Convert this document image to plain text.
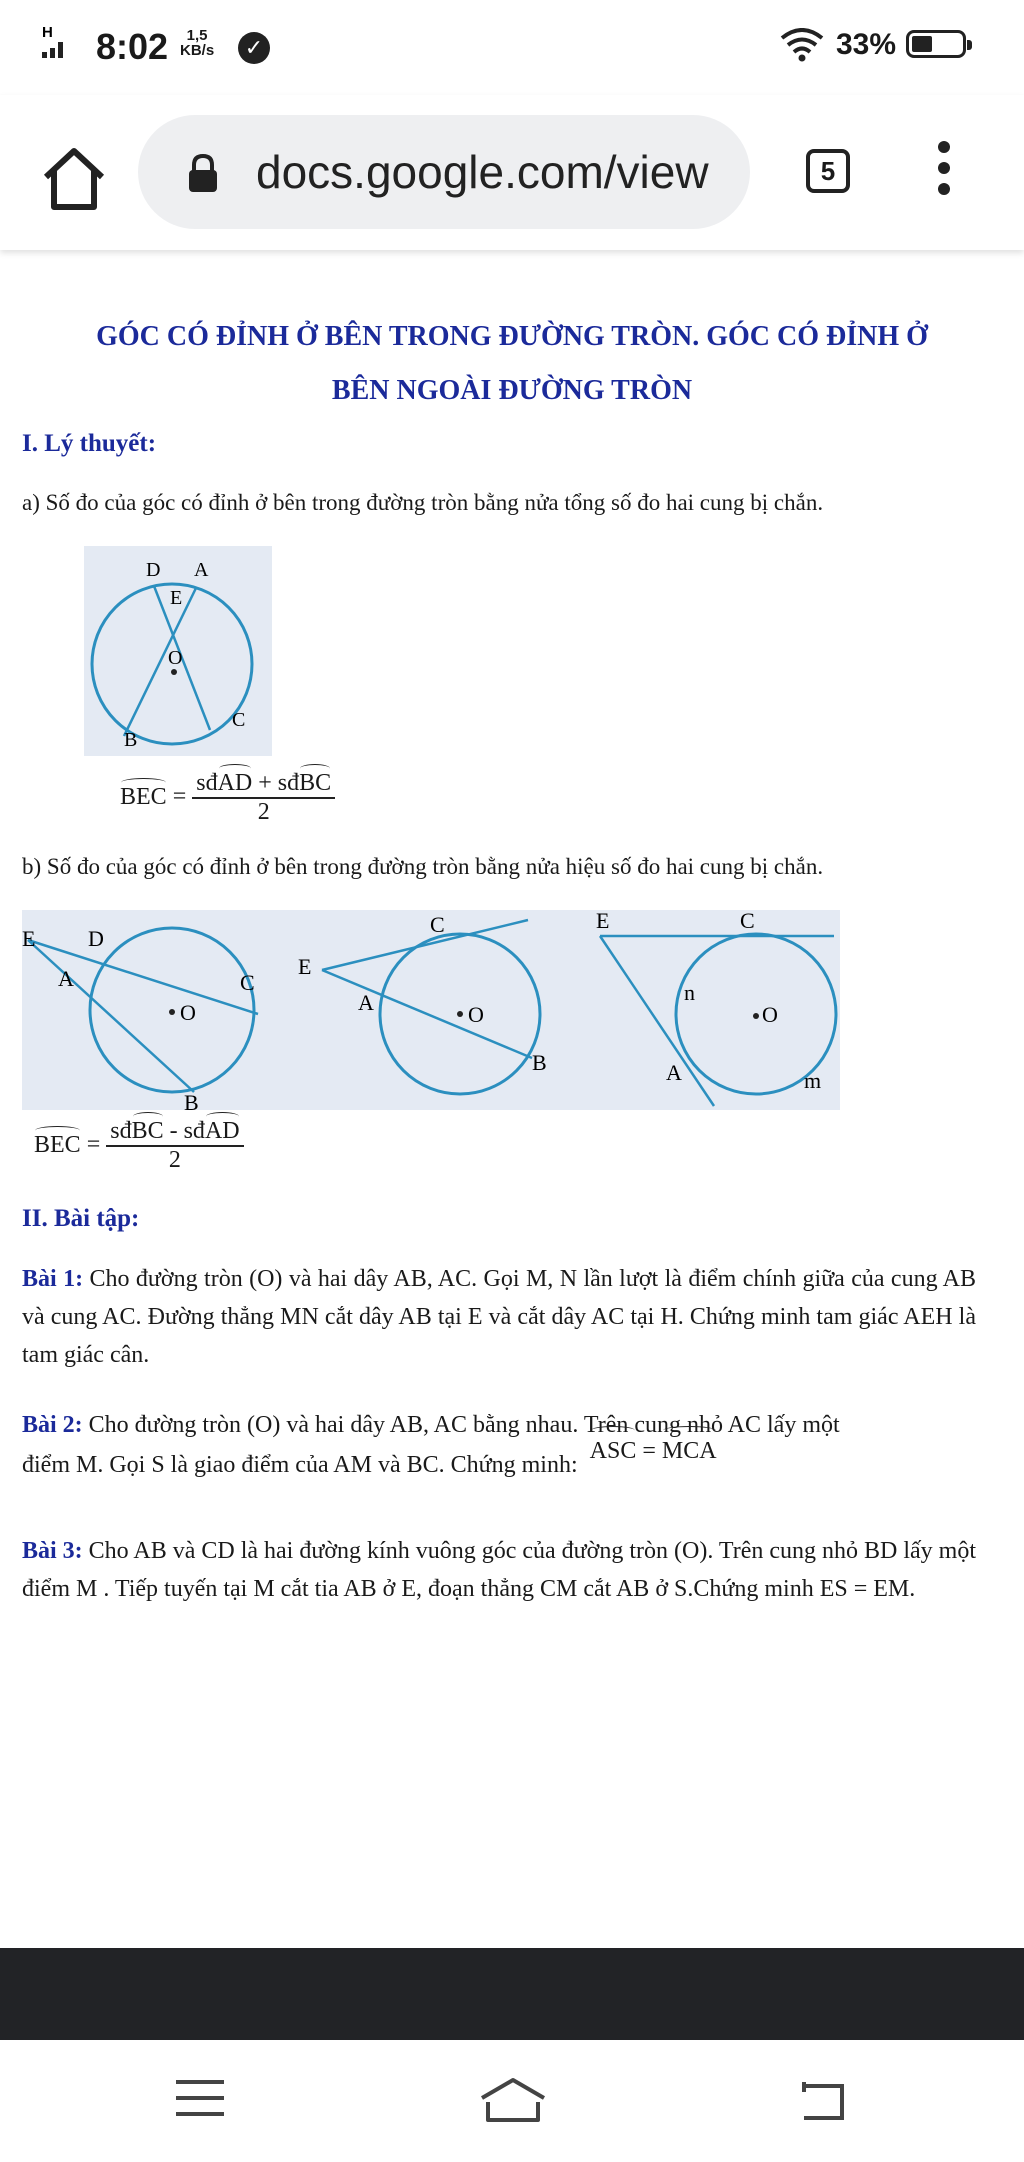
H 8:02	1,5
KB/s	✓	33%
docs.google.com/view	5
GÓC CÓ ĐỈNH Ở BÊN TRONG ĐƯỜNG TRÒN. GÓC CÓ ĐỈNH Ở
BÊN NGOÀI ĐƯỜNG TRÒN
I. Lý thuyết:
a) Số đo của góc có đỉnh ở bên trong đường tròn bằng nửa tổng số đo hai cung bị chắn.
D A
E
O
B
C
BEC = $\frac{\text{sđAD + sđBC}}{2}$
b) Số đo của góc có đỉnh ở bên trong đường tròn bằng nửa hiệu số đo hai cung bị chắn.
E D
A	C
O
B
C
E
A	O
B
E	C
n
O
A	m
BEC = $\frac{\text{sđBC - sđAD}}{2}$
II. Bài tập:
Bài 1: Cho đường tròn (O) và hai dây AB, AC. Gọi M, N lần lượt là điểm chính giữa của cung AB và cung AC. Đường thẳng MN cắt dây AB tại E và cắt dây AC tại H. Chứng minh tam giác AEH là tam giác cân.
Bài 2: Cho đường tròn (O) và hai dây AB, AC bằng nhau. Trên cung nhỏ AC lấy một
điểm M. Gọi S là giao điểm của AM và BC. Chứng minh: ASC = MCA
Bài 3: Cho AB và CD là hai đường kính vuông góc của đường tròn (O). Trên cung nhỏ BD lấy một điểm M . Tiếp tuyến tại M cắt tia AB ở E, đoạn thẳng CM cắt AB ở S.Chứng minh ES = EM.
